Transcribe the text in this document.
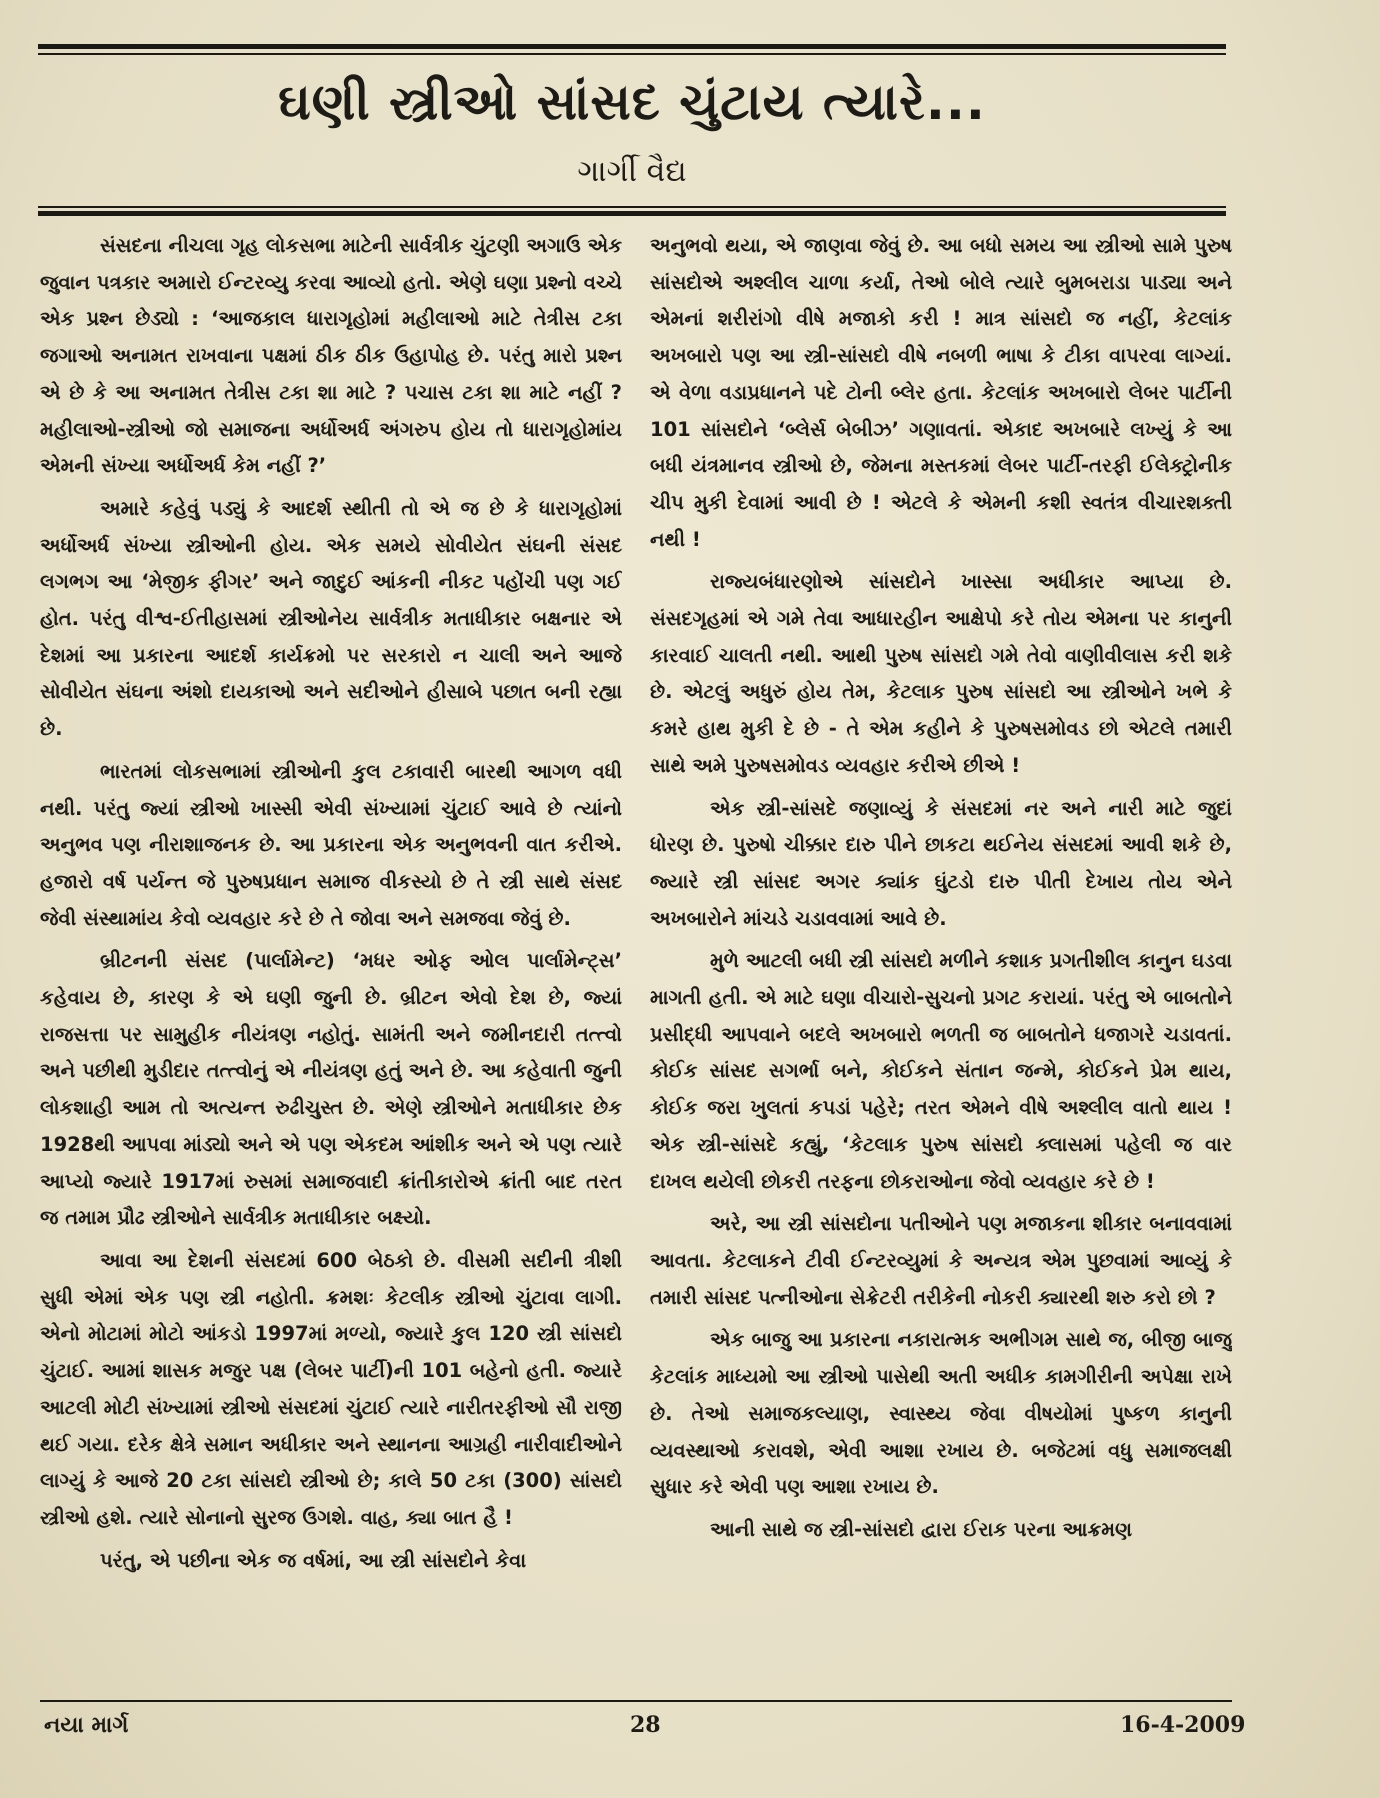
ઘણી સ્ત્રીઓ સાંસદ ચુંટાય ત્યારે...
ગાર્ગી વૈદ્ય

સંસદના નીચલા ગૃહ લોકસભા માટેની સાર્વત્રીક ચુંટણી અગાઉ એક જુવાન પત્રકાર અમારો ઈન્ટરવ્યુ કરવા આવ્યો હતો. એણે ઘણા પ્રશ્નો વચ્ચે એક પ્રશ્ન છેડ્યો : ‘આજકાલ ધારાગૃહોમાં મહીલાઓ માટે તેત્રીસ ટકા જગાઓ અનામત રાખવાના પક્ષમાં ઠીક ઠીક ઉહાપોહ છે. પરંતુ મારો પ્રશ્ન એ છે કે આ અનામત તેત્રીસ ટકા શા માટે ? પચાસ ટકા શા માટે નહીં ? મહીલાઓ-સ્ત્રીઓ જો સમાજના અર્ધોઅર્ધ અંગરુપ હોય તો ધારાગૃહોમાંય એમની સંખ્યા અર્ધોઅર્ધ કેમ નહીં ?’

અમારે કહેવું પડ્યું કે આદર્શ સ્થીતી તો એ જ છે કે ધારાગૃહોમાં અર્ધોઅર્ધ સંખ્યા સ્ત્રીઓની હોય. એક સમયે સોવીયેત સંઘની સંસદ લગભગ આ ‘મેજીક ફીગર’ અને જાદુઈ આંકની નીકટ પહોંચી પણ ગઈ હોત. પરંતુ વીશ્વ-ઈતીહાસમાં સ્ત્રીઓનેય સાર્વત્રીક મતાધીકાર બક્ષનાર એ દેશમાં આ પ્રકારના આદર્શ કાર્યક્રમો પર સરકારો ન ચાલી અને આજે સોવીયેત સંઘના અંશો દાયકાઓ અને સદીઓને હીસાબે પછાત બની રહ્યા છે.

ભારતમાં લોકસભામાં સ્ત્રીઓની કુલ ટકાવારી બારથી આગળ વધી નથી. પરંતુ જ્યાં સ્ત્રીઓ ખાસ્સી એવી સંખ્યામાં ચુંટાઈ આવે છે ત્યાંનો અનુભવ પણ નીરાશાજનક છે. આ પ્રકારના એક અનુભવની વાત કરીએ. હજારો વર્ષ પર્યન્ત જે પુરુષપ્રધાન સમાજ વીકસ્યો છે તે સ્ત્રી સાથે સંસદ જેવી સંસ્થામાંય કેવો વ્યવહાર કરે છે તે જોવા અને સમજવા જેવું છે.

બ્રીટનની સંસદ (પાર્લામેન્ટ) ‘મધર ઓફ ઓલ પાર્લામેન્ટ્સ’ કહેવાય છે, કારણ કે એ ઘણી જુની છે. બ્રીટન એવો દેશ છે, જ્યાં રાજસત્તા પર સામુહીક નીયંત્રણ નહોતું. સામંતી અને જમીનદારી તત્ત્વો અને પછીથી મુડીદાર તત્ત્વોનું એ નીયંત્રણ હતું અને છે. આ કહેવાતી જુની લોકશાહી આમ તો અત્યન્ત રુઢીચુસ્ત છે. એણે સ્ત્રીઓને મતાધીકાર છેક 1928થી આપવા માંડ્યો અને એ પણ એકદમ આંશીક અને એ પણ ત્યારે આપ્યો જ્યારે 1917માં રુસમાં સમાજવાદી ક્રાંતીકારોએ ક્રાંતી બાદ તરત જ તમામ પ્રૌઢ સ્ત્રીઓને સાર્વત્રીક મતાધીકાર બક્ષ્યો.

આવા આ દેશની સંસદમાં 600 બેઠકો છે. વીસમી સદીની ત્રીશી સુધી એમાં એક પણ સ્ત્રી નહોતી. ક્રમશઃ કેટલીક સ્ત્રીઓ ચુંટાવા લાગી. એનો મોટામાં મોટો આંકડો 1997માં મળ્યો, જ્યારે કુલ 120 સ્ત્રી સાંસદો ચુંટાઈ. આમાં શાસક મજુર પક્ષ (લેબર પાર્ટી)ની 101 બહેનો હતી. જ્યારે આટલી મોટી સંખ્યામાં સ્ત્રીઓ સંસદમાં ચુંટાઈ ત્યારે નારીતરફીઓ સૌ રાજી થઈ ગયા. દરેક ક્ષેત્રે સમાન અધીકાર અને સ્થાનના આગ્રહી નારીવાદીઓને લાગ્યું કે આજે 20 ટકા સાંસદો સ્ત્રીઓ છે; કાલે 50 ટકા (300) સાંસદો સ્ત્રીઓ હશે. ત્યારે સોનાનો સુરજ ઉગશે. વાહ, ક્યા બાત હૈ !

પરંતુ, એ પછીના એક જ વર્ષમાં, આ સ્ત્રી સાંસદોને કેવા

અનુભવો થયા, એ જાણવા જેવું છે. આ બધો સમય આ સ્ત્રીઓ સામે પુરુષ સાંસદોએ અશ્લીલ ચાળા કર્યા, તેઓ બોલે ત્યારે બુમબરાડા પાડ્યા અને એમનાં શરીરાંગો વીષે મજાકો કરી ! માત્ર સાંસદો જ નહીં, કેટલાંક અખબારો પણ આ સ્ત્રી-સાંસદો વીષે નબળી ભાષા કે ટીકા વાપરવા લાગ્યાં. એ વેળા વડાપ્રધાનને પદે ટોની બ્લેર હતા. કેટલાંક અખબારો લેબર પાર્ટીની 101 સાંસદોને ‘બ્લેર્સ બેબીઝ’ ગણાવતાં. એકાદ અખબારે લખ્યું કે આ બધી યંત્રમાનવ સ્ત્રીઓ છે, જેમના મસ્તકમાં લેબર પાર્ટી-તરફી ઈલેક્ટ્રોનીક ચીપ મુકી દેવામાં આવી છે ! એટલે કે એમની કશી સ્વતંત્ર વીચારશક્તી નથી !

રાજ્યબંધારણોએ સાંસદોને ખાસ્સા અધીકાર આપ્યા છે. સંસદગૃહમાં એ ગમે તેવા આધારહીન આક્ષેપો કરે તોય એમના પર કાનુની કારવાઈ ચાલતી નથી. આથી પુરુષ સાંસદો ગમે તેવો વાણીવીલાસ કરી શકે છે. એટલું અધુરું હોય તેમ, કેટલાક પુરુષ સાંસદો આ સ્ત્રીઓને ખભે કે કમરે હાથ મુકી દે છે - તે એમ કહીને કે પુરુષસમોવડ છો એટલે તમારી સાથે અમે પુરુષસમોવડ વ્યવહાર કરીએ છીએ !

એક સ્ત્રી-સાંસદે જણાવ્યું કે સંસદમાં નર અને નારી માટે જુદાં ધોરણ છે. પુરુષો ચીક્કાર દારુ પીને છાકટા થઈનેય સંસદમાં આવી શકે છે, જ્યારે સ્ત્રી સાંસદ અગર ક્યાંક ઘુંટડો દારુ પીતી દેખાય તોય એને અખબારોને માંચડે ચડાવવામાં આવે છે.

મુળે આટલી બધી સ્ત્રી સાંસદો મળીને કશાક પ્રગતીશીલ કાનુન ઘડવા માગતી હતી. એ માટે ઘણા વીચારો-સુચનો પ્રગટ કરાયાં. પરંતુ એ બાબતોને પ્રસીદ્ધી આપવાને બદલે અખબારો ભળતી જ બાબતોને ધજાગરે ચડાવતાં. કોઈક સાંસદ સગર્ભા બને, કોઈકને સંતાન જન્મે, કોઈકને પ્રેમ થાય, કોઈક જરા ખુલતાં કપડાં પહેરે; તરત એમને વીષે અશ્લીલ વાતો થાય ! એક સ્ત્રી-સાંસદે કહ્યું, ‘કેટલાક પુરુષ સાંસદો ક્લાસમાં પહેલી જ વાર દાખલ થયેલી છોકરી તરફના છોકરાઓના જેવો વ્યવહાર કરે છે !

અરે, આ સ્ત્રી સાંસદોના પતીઓને પણ મજાકના શીકાર બનાવવામાં આવતા. કેટલાકને ટીવી ઈન્ટરવ્યુમાં કે અન્યત્ર એમ પુછવામાં આવ્યું કે તમારી સાંસદ પત્નીઓના સેક્રેટરી તરીકેની નોકરી ક્યારથી શરુ કરો છો ?

એક બાજુ આ પ્રકારના નકારાત્મક અભીગમ સાથે જ, બીજી બાજુ કેટલાંક માધ્યમો આ સ્ત્રીઓ પાસેથી અતી અધીક કામગીરીની અપેક્ષા રાખે છે. તેઓ સમાજકલ્યાણ, સ્વાસ્થ્ય જેવા વીષયોમાં પુષ્કળ કાનુની વ્યવસ્થાઓ કરાવશે, એવી આશા રખાય છે. બજેટમાં વધુ સમાજલક્ષી સુધાર કરે એવી પણ આશા રખાય છે.

આની સાથે જ સ્ત્રી-સાંસદો દ્વારા ઈરાક પરના આક્રમણ

નયા માર્ગ	28	16-4-2009
